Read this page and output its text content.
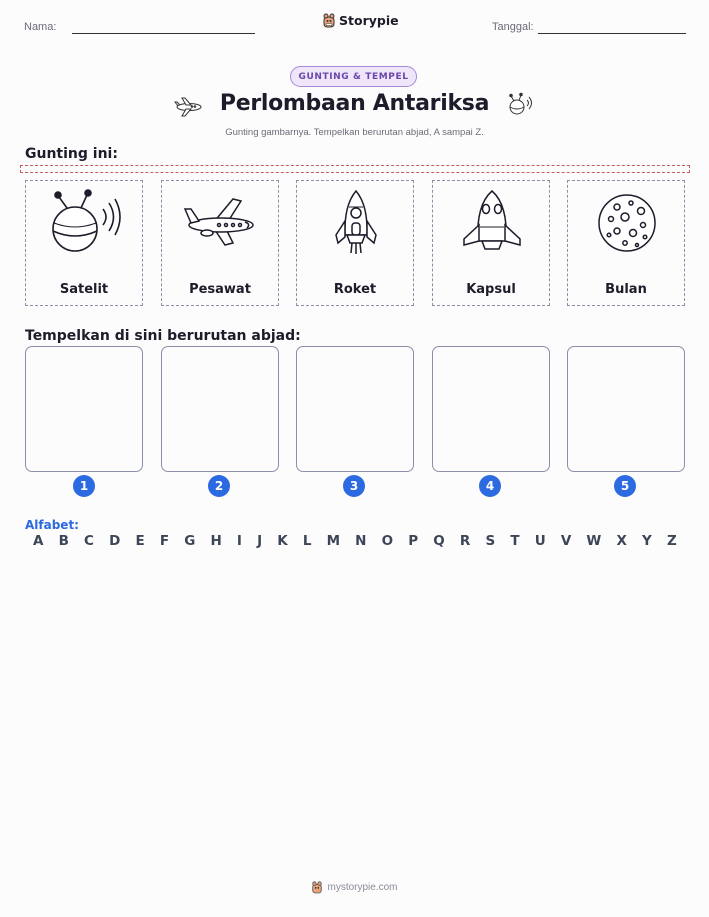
Nama:	Storypie	Tanggal:
GUNTING & TEMPEL
Perlombaan Antariksa
Gunting gambarnya. Tempelkan berurutan abjad, A sampai Z.
Gunting ini:
Satelit	Pesawat	Roket	Kapsul	Bulan
Tempelkan di sini berurutan abjad:
1	2	3	4	5
Alfabet:
A B C D E F G H I J K L M N O P Q R S T U V W X Y Z
mystorypie.com
